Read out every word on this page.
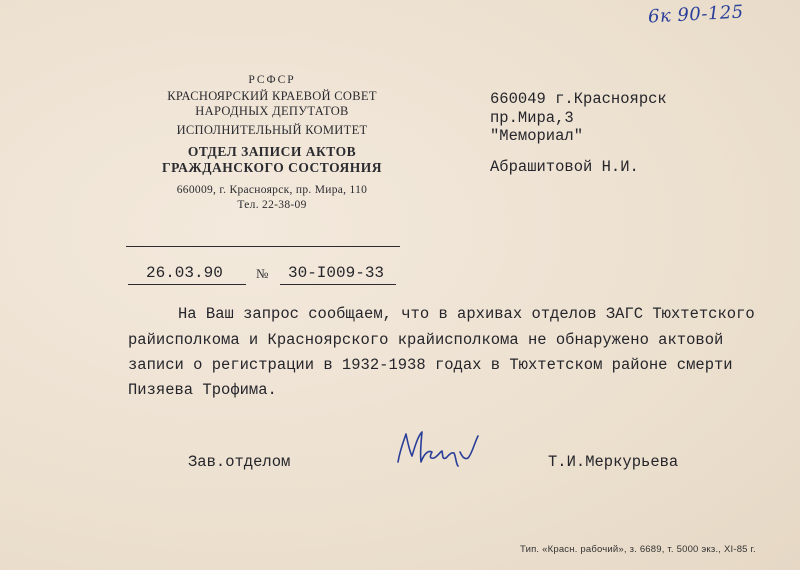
6к 90-125
РСФСР
КРАСНОЯРСКИЙ КРАЕВОЙ СОВЕТ
НАРОДНЫХ ДЕПУТАТОВ
ИСПОЛНИТЕЛЬНЫЙ КОМИТЕТ
ОТДЕЛ ЗАПИСИ АКТОВ
ГРАЖДАНСКОГО СОСТОЯНИЯ
660009, г. Красноярск, пр. Мира, 110
Тел. 22-38-09
26.03.90	№ 30-I009-33
660049 г.Красноярск
пр.Мира,3
"Мемориал"
Абрашитовой Н.И.
На Ваш запрос сообщаем, что в архивах отделов ЗАГС Тюхтетского
райисполкома и Красноярского крайисполкома не обнаружено актовой
записи о регистрации в 1932-1938 годах в Тюхтетском районе смерти
Пизяева Трофима.
Зав.отделом	Т.И.Меркурьева
Тип. «Красн. рабочий», з. 6689, т. 5000 экз., XI-85 г.
